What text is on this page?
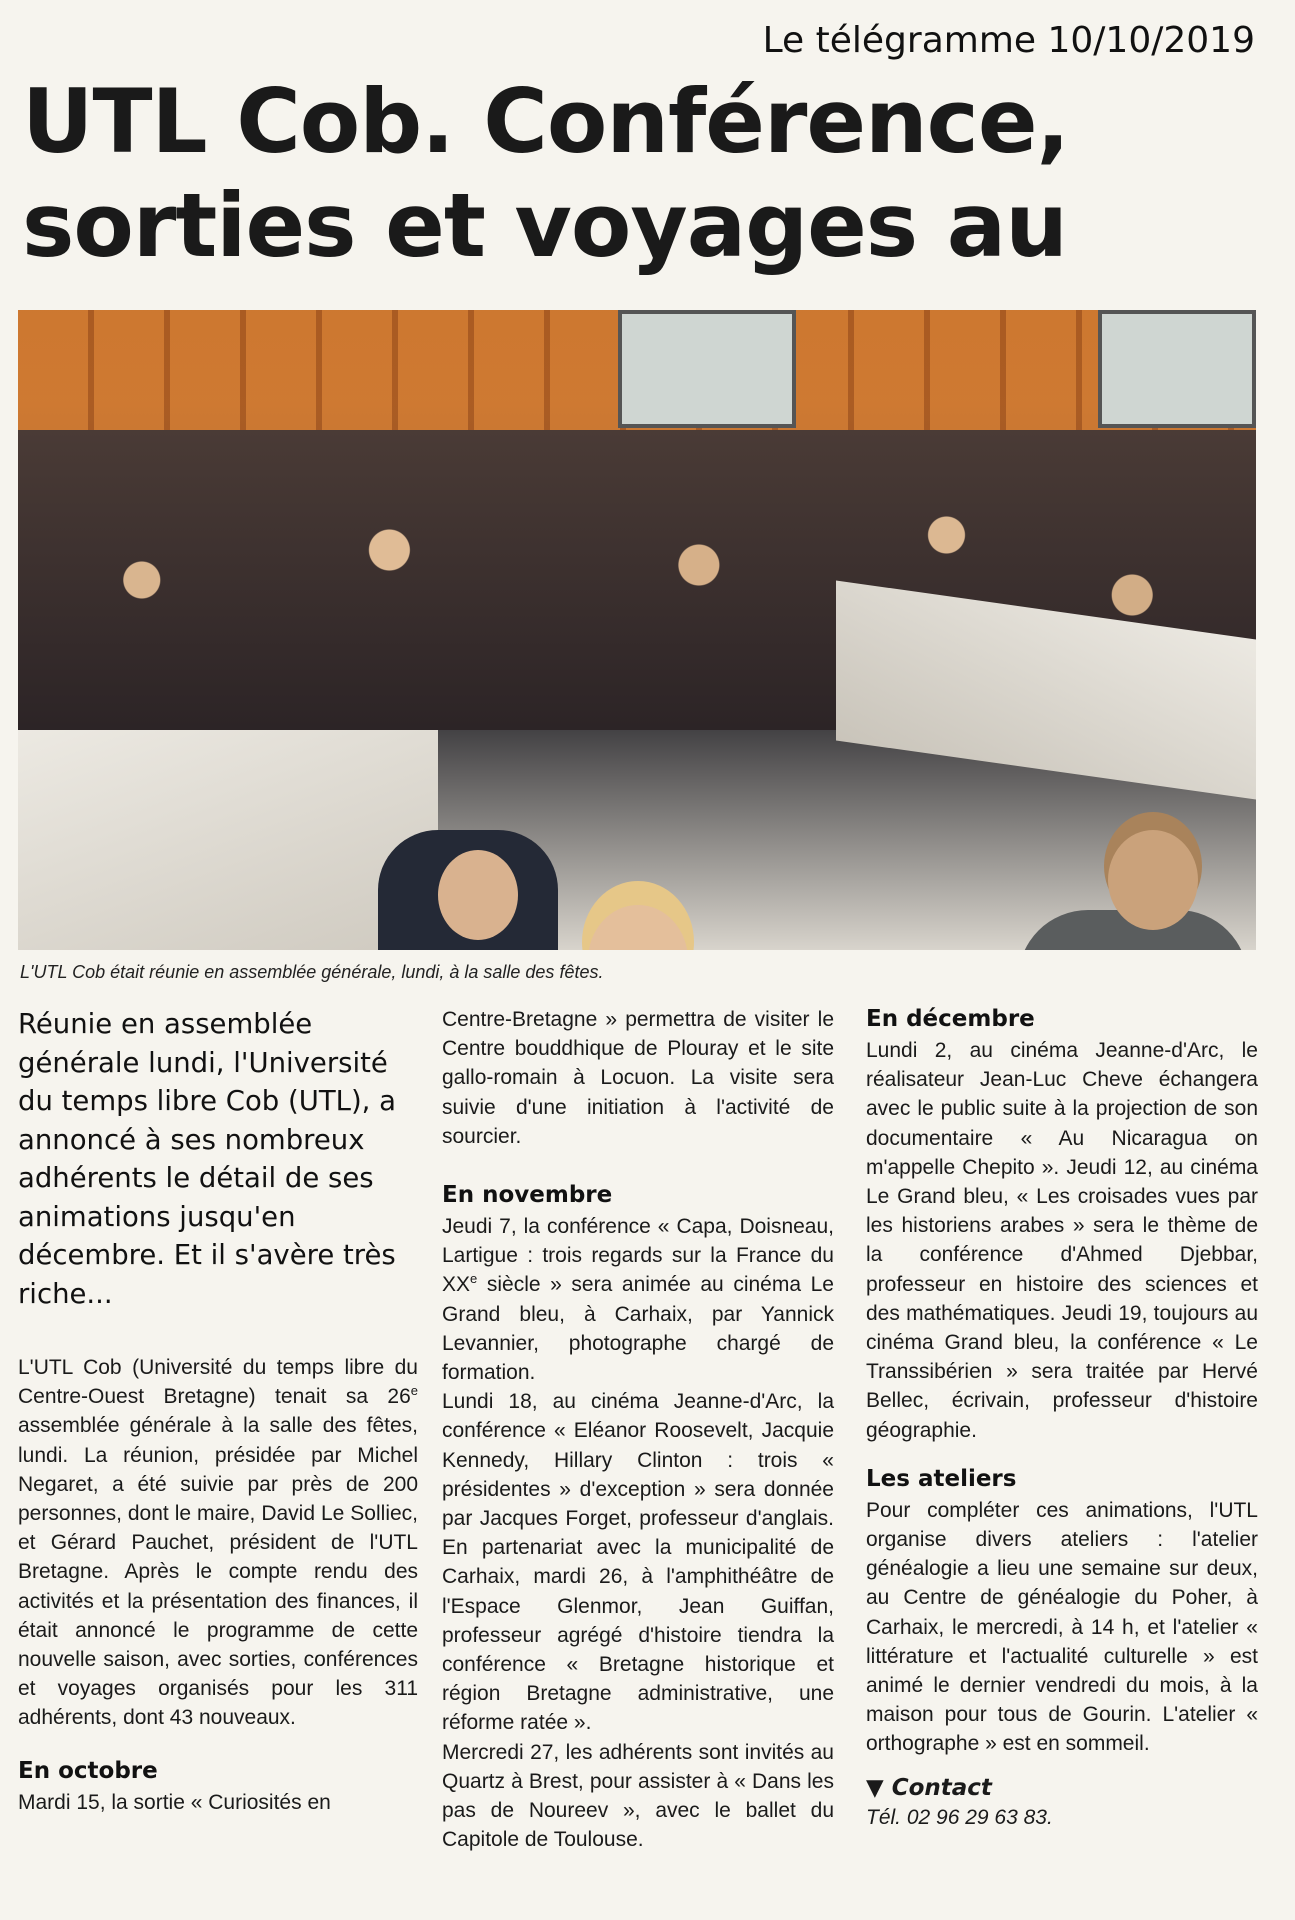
Le télégramme 10/10/2019
UTL Cob. Conférence, sorties et voyages au
L'UTL Cob était réunie en assemblée générale, lundi, à la salle des fêtes.

Réunie en assemblée générale lundi, l'Université du temps libre Cob (UTL), a annoncé à ses nombreux adhérents le détail de ses animations jusqu'en décembre. Et il s'avère très riche...

L'UTL Cob (Université du temps libre du Centre-Ouest Bretagne) tenait sa 26e assemblée générale à la salle des fêtes, lundi. La réunion, présidée par Michel Negaret, a été suivie par près de 200 personnes, dont le maire, David Le Solliec, et Gérard Pauchet, président de l'UTL Bretagne. Après le compte rendu des activités et la présentation des finances, il était annoncé le programme de cette nouvelle saison, avec sorties, conférences et voyages organisés pour les 311 adhérents, dont 43 nouveaux.

En octobre

Mardi 15, la sortie « Curiosités en

Centre-Bretagne » permettra de visiter le Centre bouddhique de Plouray et le site gallo-romain à Locuon. La visite sera suivie d'une initiation à l'activité de sourcier.

En novembre

Jeudi 7, la conférence « Capa, Doisneau, Lartigue : trois regards sur la France du XXe siècle » sera animée au cinéma Le Grand bleu, à Carhaix, par Yannick Levannier, photographe chargé de formation.

Lundi 18, au cinéma Jeanne-d'Arc, la conférence « Eléanor Roosevelt, Jacquie Kennedy, Hillary Clinton : trois « présidentes » d'exception » sera donnée par Jacques Forget, professeur d'anglais. En partenariat avec la municipalité de Carhaix, mardi 26, à l'amphithéâtre de l'Espace Glenmor, Jean Guiffan, professeur agrégé d'histoire tiendra la conférence « Bretagne historique et région Bretagne administrative, une réforme ratée ».

Mercredi 27, les adhérents sont invités au Quartz à Brest, pour assister à « Dans les pas de Noureev », avec le ballet du Capitole de Toulouse.

En décembre

Lundi 2, au cinéma Jeanne-d'Arc, le réalisateur Jean-Luc Cheve échangera avec le public suite à la projection de son documentaire « Au Nicaragua on m'appelle Chepito ». Jeudi 12, au cinéma Le Grand bleu, « Les croisades vues par les historiens arabes » sera le thème de la conférence d'Ahmed Djebbar, professeur en histoire des sciences et des mathématiques. Jeudi 19, toujours au cinéma Grand bleu, la conférence « Le Transsibérien » sera traitée par Hervé Bellec, écrivain, professeur d'histoire géographie.

Les ateliers

Pour compléter ces animations, l'UTL organise divers ateliers : l'atelier généalogie a lieu une semaine sur deux, au Centre de généalogie du Poher, à Carhaix, le mercredi, à 14 h, et l'atelier « littérature et l'actualité culturelle » est animé le dernier vendredi du mois, à la maison pour tous de Gourin. L'atelier « orthographe » est en sommeil.

▼ Contact

Tél. 02 96 29 63 83.
